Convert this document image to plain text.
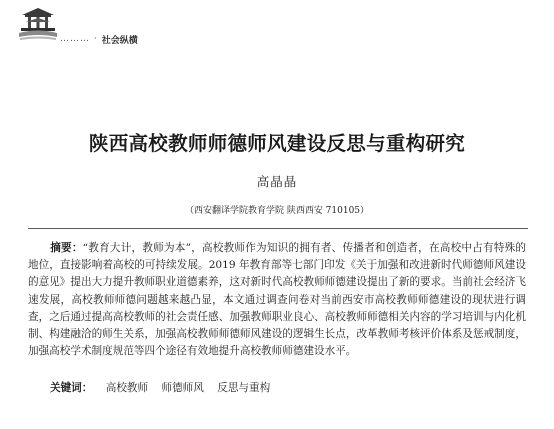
……… · 社会纵横
陕西高校教师师德师风建设反思与重构研究
高晶晶
（西安翻译学院教育学院 陕西西安 710105）
摘要：“教育大计，教师为本”，高校教师作为知识的拥有者、传播者和创造者，在高校中占有特殊的地位，直接影响着高校的可持续发展。2019 年教育部等七部门印发《关于加强和改进新时代师德师风建设的意见》提出大力提升教师职业道德素养，这对新时代高校教师师德建设提出了新的要求。当前社会经济飞速发展，高校教师师德问题越来越凸显，本文通过调查问卷对当前西安市高校教师师德建设的现状进行调查，之后通过提高高校教师的社会责任感、加强教师职业良心、高校教师师德相关内容的学习培训与内化机制、构建融洽的师生关系，加强高校教师师德师风建设的逻辑生长点，改革教师考核评价体系及惩戒制度，加强高校学术制度规范等四个途径有效地提升高校教师师德建设水平。
关键词： 高校教师 师德师风 反思与重构
